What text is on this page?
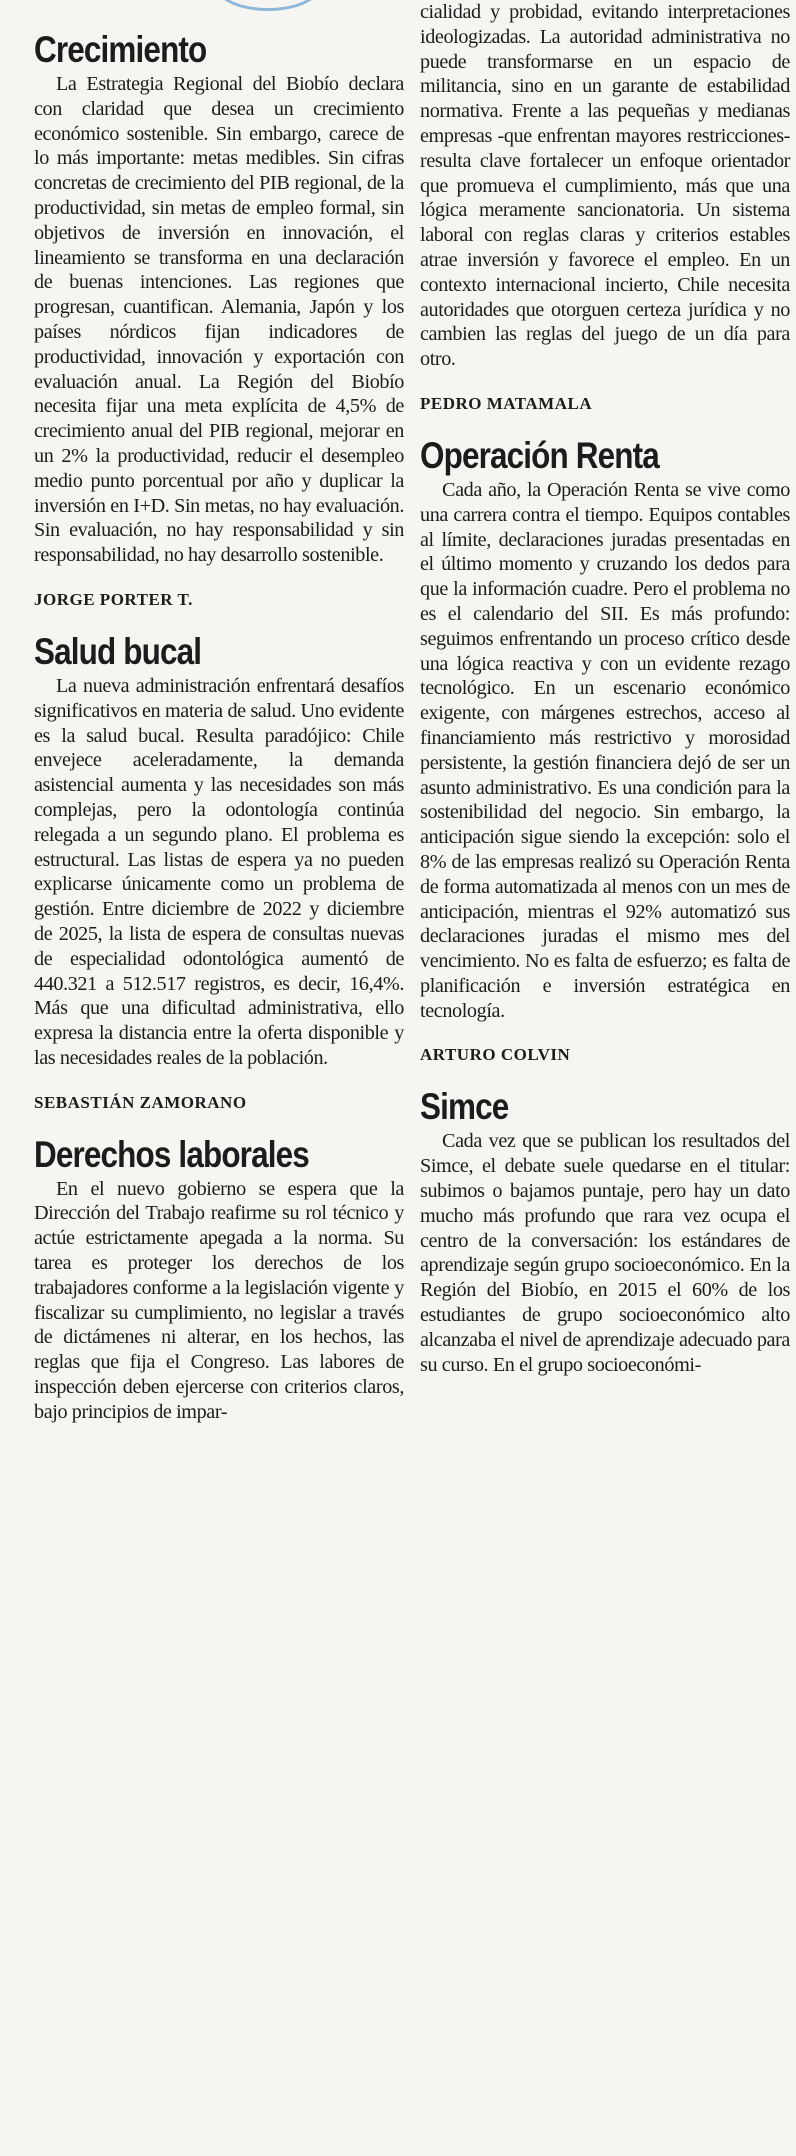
Crecimiento

La Estrategia Regional del Biobío declara con claridad que desea un crecimiento económico sostenible. Sin embargo, carece de lo más importante: metas medibles. Sin cifras concretas de crecimiento del PIB regional, de la productividad, sin metas de empleo formal, sin objetivos de inversión en innovación, el lineamiento se transforma en una declaración de buenas intenciones. Las regiones que progresan, cuantifican. Alemania, Japón y los países nórdicos fijan indicadores de productividad, innovación y exportación con evaluación anual. La Región del Biobío necesita fijar una meta explícita de 4,5% de crecimiento anual del PIB regional, mejorar en un 2% la productividad, reducir el desempleo medio punto porcentual por año y duplicar la inversión en I+D. Sin metas, no hay evaluación. Sin evaluación, no hay responsabilidad y sin responsabilidad, no hay desarrollo sostenible.

JORGE PORTER T.
Salud bucal

La nueva administración enfrentará desafíos significativos en materia de salud. Uno evidente es la salud bucal. Resulta paradójico: Chile envejece aceleradamente, la demanda asistencial aumenta y las necesidades son más complejas, pero la odontología continúa relegada a un segundo plano. El problema es estructural. Las listas de espera ya no pueden explicarse únicamente como un problema de gestión. Entre diciembre de 2022 y diciembre de 2025, la lista de espera de consultas nuevas de especialidad odontológica aumentó de 440.321 a 512.517 registros, es decir, 16,4%. Más que una dificultad administrativa, ello expresa la distancia entre la oferta disponible y las necesidades reales de la población.

SEBASTIÁN ZAMORANO
Derechos laborales

En el nuevo gobierno se espera que la Dirección del Trabajo reafirme su rol técnico y actúe estrictamente apegada a la norma. Su tarea es proteger los derechos de los trabajadores conforme a la legislación vigente y fiscalizar su cumplimiento, no legislar a través de dictámenes ni alterar, en los hechos, las reglas que fija el Congreso. Las labores de inspección deben ejercerse con criterios claros, bajo principios de impar-

cialidad y probidad, evitando interpretaciones ideologizadas. La autoridad administrativa no puede transformarse en un espacio de militancia, sino en un garante de estabilidad normativa. Frente a las pequeñas y medianas empresas -que enfrentan mayores restricciones- resulta clave fortalecer un enfoque orientador que promueva el cumplimiento, más que una lógica meramente sancionatoria. Un sistema laboral con reglas claras y criterios estables atrae inversión y favorece el empleo. En un contexto internacional incierto, Chile necesita autoridades que otorguen certeza jurídica y no cambien las reglas del juego de un día para otro.

PEDRO MATAMALA
Operación Renta

Cada año, la Operación Renta se vive como una carrera contra el tiempo. Equipos contables al límite, declaraciones juradas presentadas en el último momento y cruzando los dedos para que la información cuadre. Pero el problema no es el calendario del SII. Es más profundo: seguimos enfrentando un proceso crítico desde una lógica reactiva y con un evidente rezago tecnológico. En un escenario económico exigente, con márgenes estrechos, acceso al financiamiento más restrictivo y morosidad persistente, la gestión financiera dejó de ser un asunto administrativo. Es una condición para la sostenibilidad del negocio. Sin embargo, la anticipación sigue siendo la excepción: solo el 8% de las empresas realizó su Operación Renta de forma automatizada al menos con un mes de anticipación, mientras el 92% automatizó sus declaraciones juradas el mismo mes del vencimiento. No es falta de esfuerzo; es falta de planificación e inversión estratégica en tecnología.

ARTURO COLVIN
Simce

Cada vez que se publican los resultados del Simce, el debate suele quedarse en el titular: subimos o bajamos puntaje, pero hay un dato mucho más profundo que rara vez ocupa el centro de la conversación: los estándares de aprendizaje según grupo socioeconómico. En la Región del Biobío, en 2015 el 60% de los estudiantes de grupo socioeconómico alto alcanzaba el nivel de aprendizaje adecuado para su curso. En el grupo socioeconómi-
